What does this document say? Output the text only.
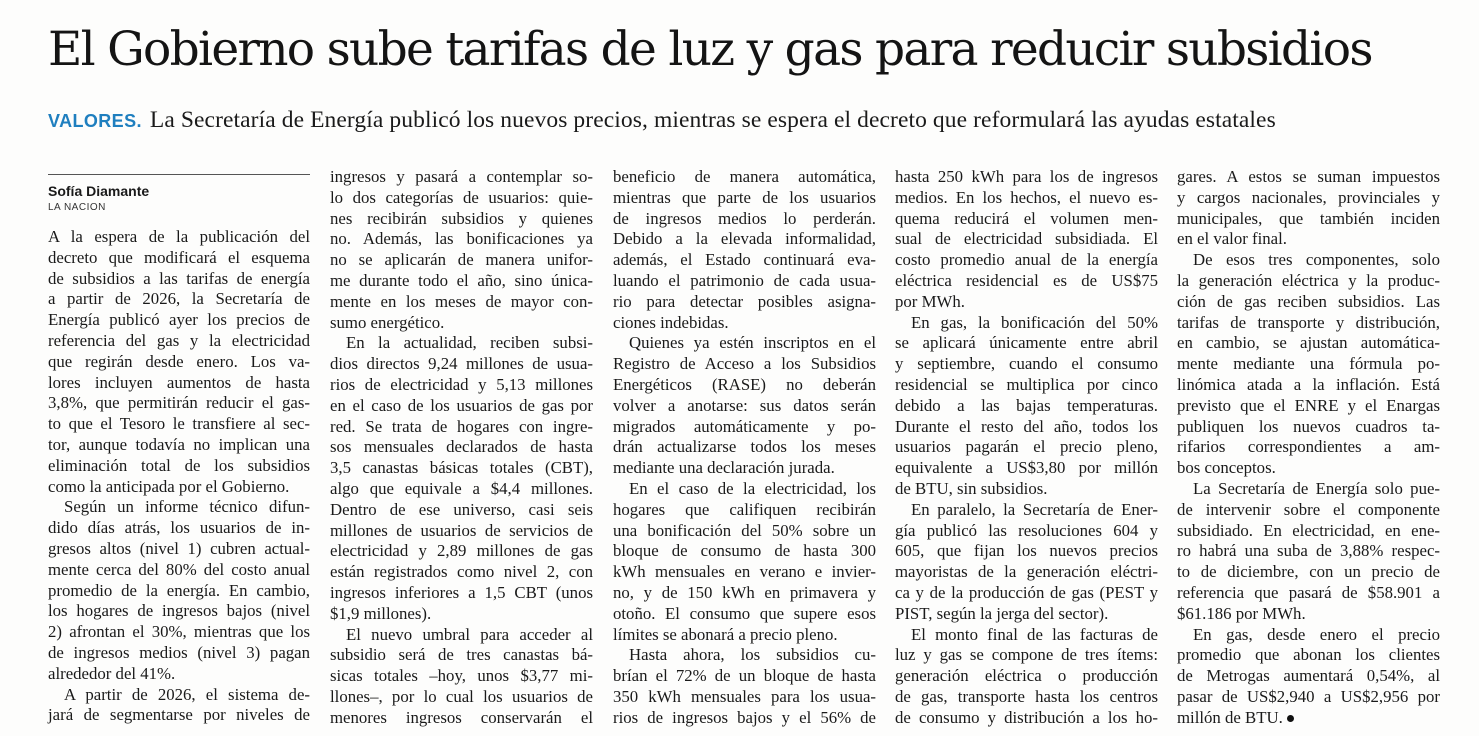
El Gobierno sube tarifas de luz y gas para reducir subsidios
VALORES. La Secretaría de Energía publicó los nuevos precios, mientras se espera el decreto que reformulará las ayudas estatales
Sofía Diamante
LA NACION
A la espera de la publicación del
decreto que modificará el esquema
de subsidios a las tarifas de energía
a partir de 2026, la Secretaría de
Energía publicó ayer los precios de
referencia del gas y la electricidad
que regirán desde enero. Los va-
lores incluyen aumentos de hasta
3,8%, que permitirán reducir el gas-
to que el Tesoro le transfiere al sec-
tor, aunque todavía no implican una
eliminación total de los subsidios
como la anticipada por el Gobierno.
Según un informe técnico difun-
dido días atrás, los usuarios de in-
gresos altos (nivel 1) cubren actual-
mente cerca del 80% del costo anual
promedio de la energía. En cambio,
los hogares de ingresos bajos (nivel
2) afrontan el 30%, mientras que los
de ingresos medios (nivel 3) pagan
alrededor del 41%.
A partir de 2026, el sistema de-
jará de segmentarse por niveles de
ingresos y pasará a contemplar so-
lo dos categorías de usuarios: quie-
nes recibirán subsidios y quienes
no. Además, las bonificaciones ya
no se aplicarán de manera unifor-
me durante todo el año, sino única-
mente en los meses de mayor con-
sumo energético.
En la actualidad, reciben subsi-
dios directos 9,24 millones de usua-
rios de electricidad y 5,13 millones
en el caso de los usuarios de gas por
red. Se trata de hogares con ingre-
sos mensuales declarados de hasta
3,5 canastas básicas totales (CBT),
algo que equivale a $4,4 millones.
Dentro de ese universo, casi seis
millones de usuarios de servicios de
electricidad y 2,89 millones de gas
están registrados como nivel 2, con
ingresos inferiores a 1,5 CBT (unos
$1,9 millones).
El nuevo umbral para acceder al
subsidio será de tres canastas bá-
sicas totales –hoy, unos $3,77 mi-
llones–, por lo cual los usuarios de
menores ingresos conservarán el
beneficio de manera automática,
mientras que parte de los usuarios
de ingresos medios lo perderán.
Debido a la elevada informalidad,
además, el Estado continuará eva-
luando el patrimonio de cada usua-
rio para detectar posibles asigna-
ciones indebidas.
Quienes ya estén inscriptos en el
Registro de Acceso a los Subsidios
Energéticos (RASE) no deberán
volver a anotarse: sus datos serán
migrados automáticamente y po-
drán actualizarse todos los meses
mediante una declaración jurada.
En el caso de la electricidad, los
hogares que califiquen recibirán
una bonificación del 50% sobre un
bloque de consumo de hasta 300
kWh mensuales en verano e invier-
no, y de 150 kWh en primavera y
otoño. El consumo que supere esos
límites se abonará a precio pleno.
Hasta ahora, los subsidios cu-
brían el 72% de un bloque de hasta
350 kWh mensuales para los usua-
rios de ingresos bajos y el 56% de
hasta 250 kWh para los de ingresos
medios. En los hechos, el nuevo es-
quema reducirá el volumen men-
sual de electricidad subsidiada. El
costo promedio anual de la energía
eléctrica residencial es de US$75
por MWh.
En gas, la bonificación del 50%
se aplicará únicamente entre abril
y septiembre, cuando el consumo
residencial se multiplica por cinco
debido a las bajas temperaturas.
Durante el resto del año, todos los
usuarios pagarán el precio pleno,
equivalente a US$3,80 por millón
de BTU, sin subsidios.
En paralelo, la Secretaría de Ener-
gía publicó las resoluciones 604 y
605, que fijan los nuevos precios
mayoristas de la generación eléctri-
ca y de la producción de gas (PEST y
PIST, según la jerga del sector).
El monto final de las facturas de
luz y gas se compone de tres ítems:
generación eléctrica o producción
de gas, transporte hasta los centros
de consumo y distribución a los ho-
gares. A estos se suman impuestos
y cargos nacionales, provinciales y
municipales, que también inciden
en el valor final.
De esos tres componentes, solo
la generación eléctrica y la produc-
ción de gas reciben subsidios. Las
tarifas de transporte y distribución,
en cambio, se ajustan automática-
mente mediante una fórmula po-
linómica atada a la inflación. Está
previsto que el ENRE y el Enargas
publiquen los nuevos cuadros ta-
rifarios correspondientes a am-
bos conceptos.
La Secretaría de Energía solo pue-
de intervenir sobre el componente
subsidiado. En electricidad, en ene-
ro habrá una suba de 3,88% respec-
to de diciembre, con un precio de
referencia que pasará de $58.901 a
$61.186 por MWh.
En gas, desde enero el precio
promedio que abonan los clientes
de Metrogas aumentará 0,54%, al
pasar de US$2,940 a US$2,956 por
millón de BTU.
